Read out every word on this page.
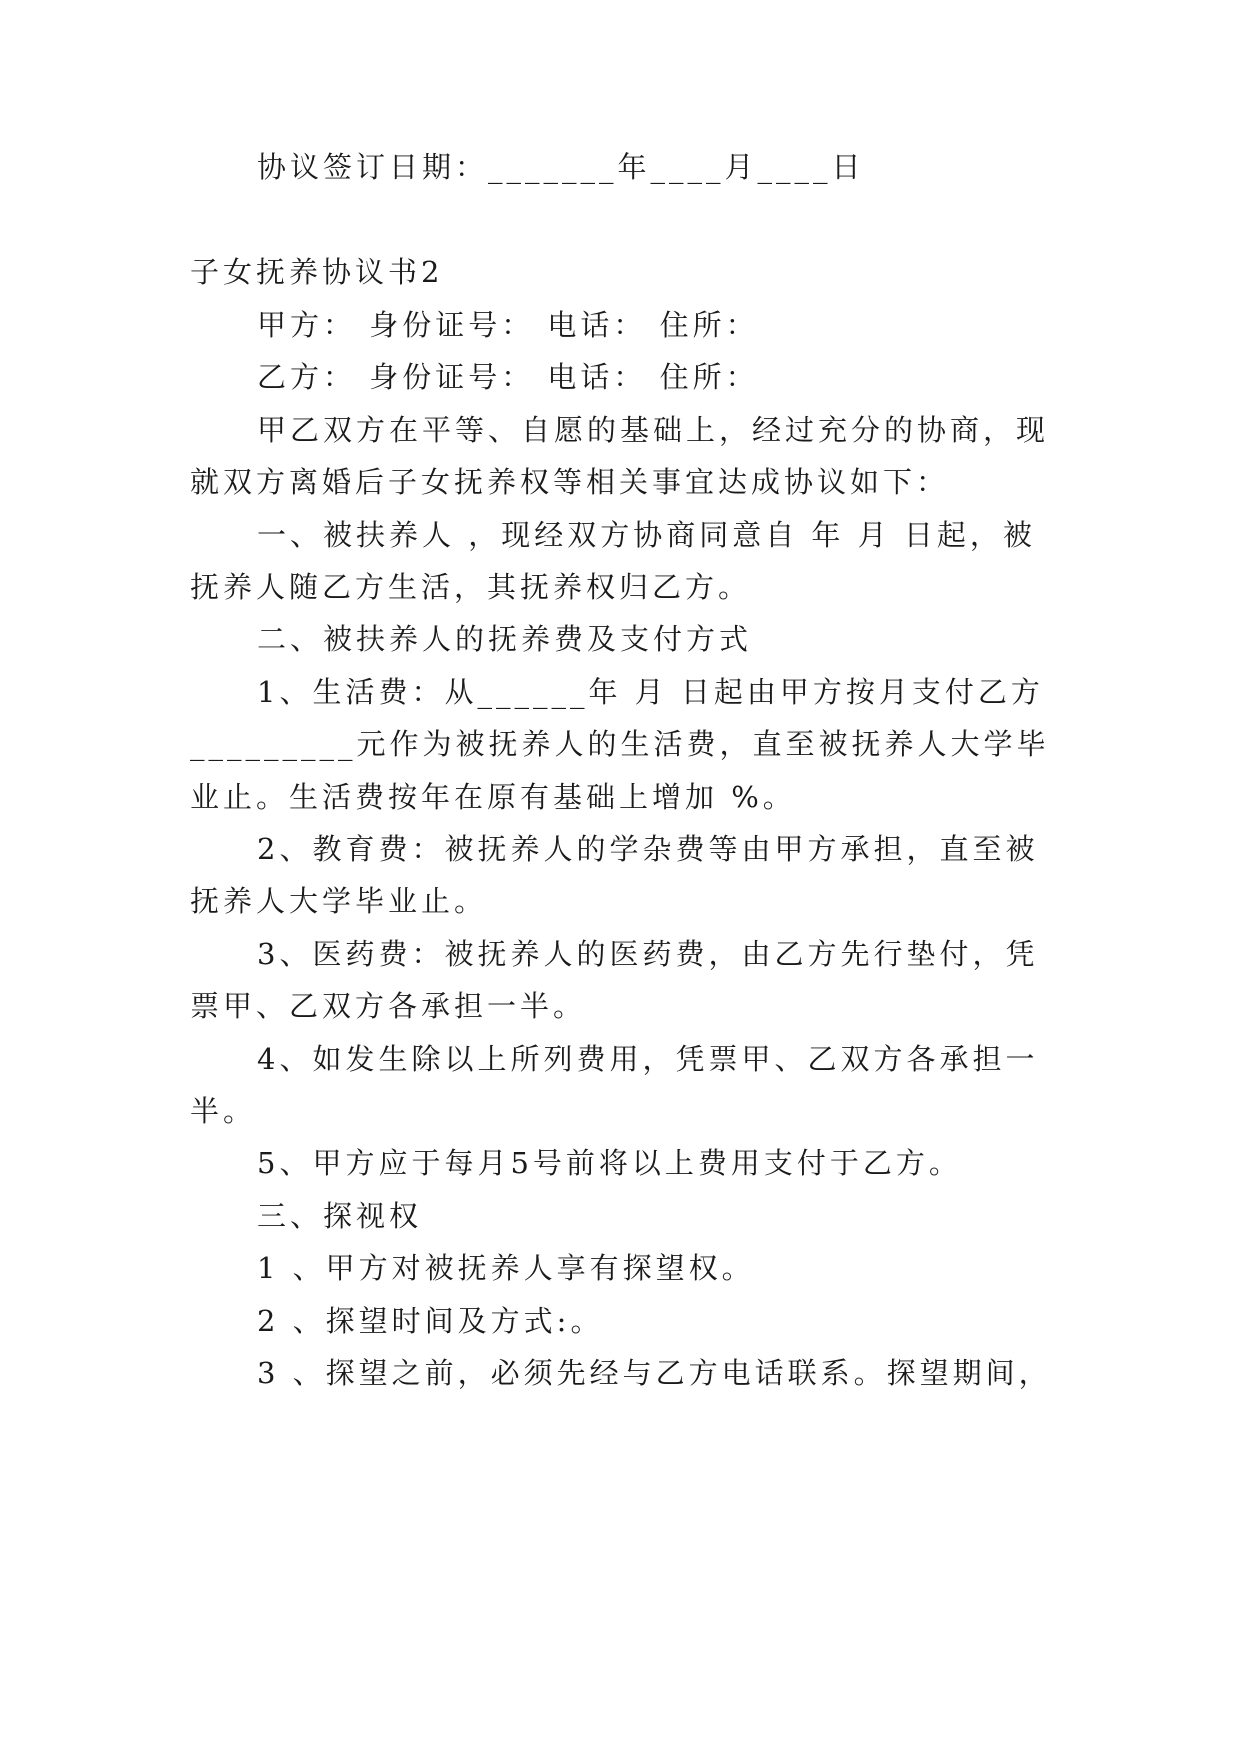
协议签订日期：_______年____月____日
子女抚养协议书2
甲方： 身份证号： 电话： 住所：
乙方： 身份证号： 电话： 住所：
甲乙双方在平等、自愿的基础上，经过充分的协商，现
就双方离婚后子女抚养权等相关事宜达成协议如下：
一、被扶养人 ，现经双方协商同意自 年 月 日起，被
抚养人随乙方生活，其抚养权归乙方。
二、被扶养人的抚养费及支付方式
1、生活费：从______年 月 日起由甲方按月支付乙方
_________元作为被抚养人的生活费，直至被抚养人大学毕
业止。生活费按年在原有基础上增加 %。
2、教育费：被抚养人的学杂费等由甲方承担，直至被
抚养人大学毕业止。
3、医药费：被抚养人的医药费，由乙方先行垫付，凭
票甲、乙双方各承担一半。
4、如发生除以上所列费用，凭票甲、乙双方各承担一
半。
5、甲方应于每月5号前将以上费用支付于乙方。
三、探视权
1 、甲方对被抚养人享有探望权。
2 、探望时间及方式:。
3 、探望之前，必须先经与乙方电话联系。探望期间，
